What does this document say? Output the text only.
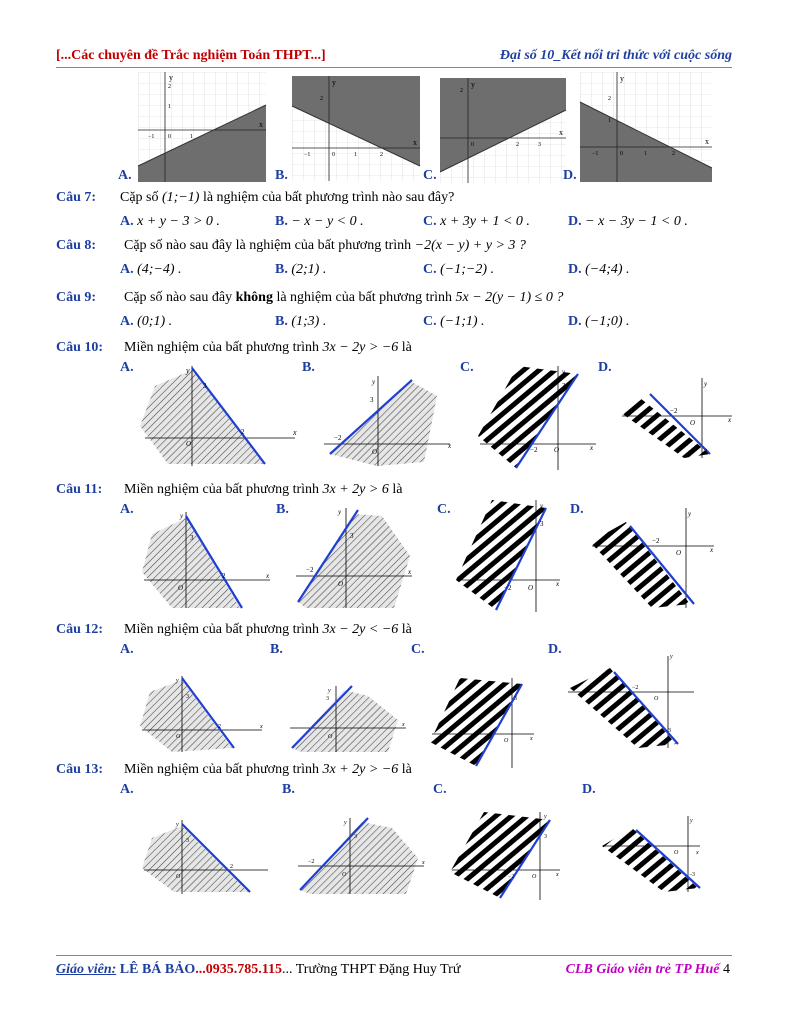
[...Các chuyên đề Trắc nghiệm Toán THPT...]	Đại số 10_Kết nối tri thức với cuộc sống
y
x
0
−1	1
1
2
A.
y
x
2
0
−1	1	2
B.
y
x
2
0	2	3
C.
y
x
2
1
0
−1	1	2
D.
Câu 7: Cặp số (1;−1) là nghiệm của bất phương trình nào sau đây?
A. x + y − 3 > 0 .	B. − x − y < 0 .	C. x + 3y + 1 < 0 .	D. − x − 3y − 1 < 0 .
Câu 8: Cặp số nào sau đây là nghiệm của bất phương trình −2(x − y) + y > 3 ?
A. (4;−4) .	B. (2;1) .	C. (−1;−2) .	D. (−4;4) .
Câu 9: Cặp số nào sau đây không là nghiệm của bất phương trình 5x − 2(y − 1) ≤ 0 ?
A. (0;1) .	B. (1;3) .	C. (−1;1) .	D. (−1;0) .
Câu 10: Miền nghiệm của bất phương trình 3x − 2y > −6 là
A.	B.	C.	D.
y
x
3
2
O
y
x
3
−2
O
y
x
3
−2 O
y
x
−2
O
3
Câu 11: Miền nghiệm của bất phương trình 3x + 2y > 6 là
A.	B.	C.	D.
y
x
3
2
O
y
x
3
−2
O
y
x
3
−2 O
y
x
−2
O
Câu 12: Miền nghiệm của bất phương trình 3x − 2y < −6 là
A.	B.	C.	D.
y
x
3
2
O
y
x
3
O	x
3
−2	O
y
−2
O
3
Câu 13: Miền nghiệm của bất phương trình 3x + 2y > −6 là
A.	B.	C.	D.
y
3
2
O
y
x
3
−2
O
y
x
3
−2	O
y
x
O
-3
Giáo viên: LÊ BÁ BẢO...0935.785.115... Trường THPT Đặng Huy Trứ	CLB Giáo viên trẻ TP Huế 4
